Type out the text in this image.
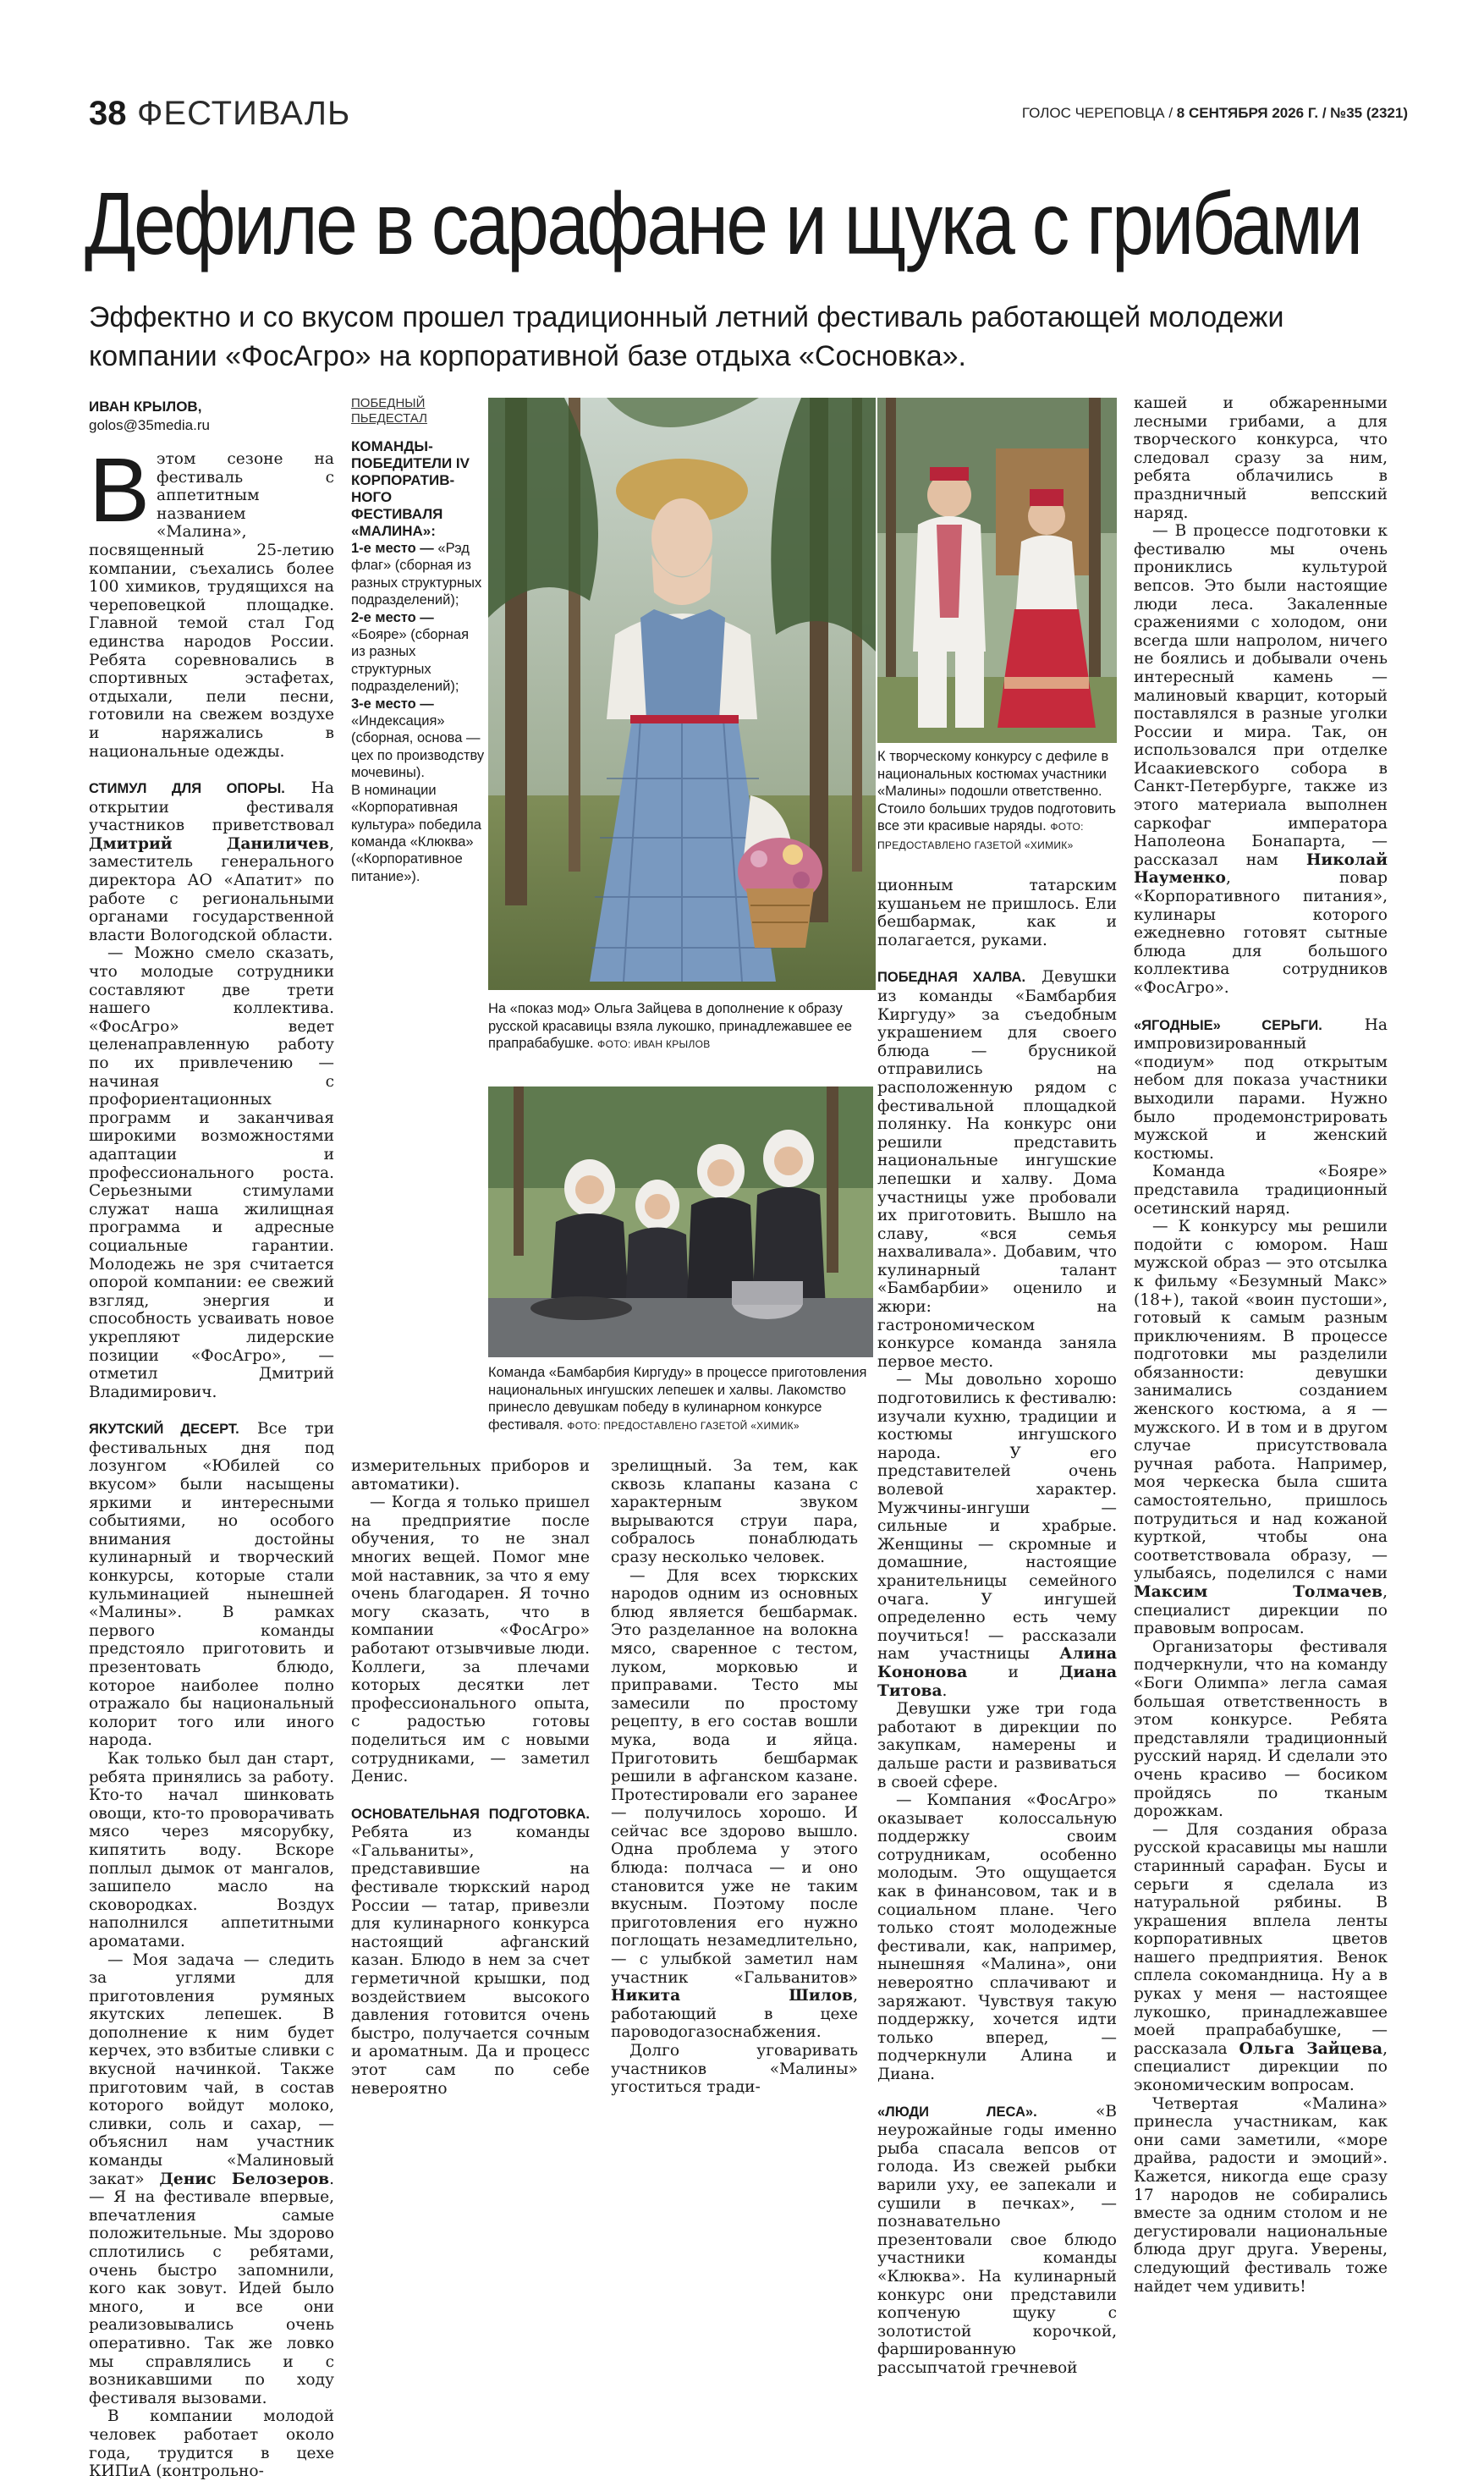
38 ФЕСТИВАЛЬ	ГОЛОС ЧЕРЕПОВЦА / 8 СЕНТЯБРЯ 2026 Г. / №35 (2321)
Дефиле в сарафане и щука с грибами
Эффектно и со вкусом прошел традиционный летний фестиваль работающей молодежи компании «ФосАгро» на корпоративной базе отдыха «Сосновка».
ИВАН КРЫЛОВ,
golos@35media.ru
В этом сезоне на фестиваль с аппетитным названием «Малина», посвященный 25-летию компании, съехались более 100 химиков, трудящихся на череповецкой площадке. Главной темой стал Год единства народов России. Ребята соревновались в спортивных эстафетах, отдыхали, пели песни, готовили на свежем воздухе и наряжались в национальные одежды.

СТИМУЛ ДЛЯ ОПОРЫ. На открытии фестиваля участников приветствовал Дмитрий Даниличев, заместитель генерального директора АО «Апатит» по работе с региональными органами государственной власти Вологодской области.

— Можно смело сказать, что молодые сотрудники составляют две трети нашего коллектива. «ФосАгро» ведет целенаправленную работу по их привлечению — начиная с профориентационных программ и заканчивая широкими возможностями адаптации и профессионального роста. Серьезными стимулами служат наша жилищная программа и адресные социальные гарантии. Молодежь не зря считается опорой компании: ее свежий взгляд, энергия и способность усваивать новое укрепляют лидерские позиции «ФосАгро», — отметил Дмитрий Владимирович.

ЯКУТСКИЙ ДЕСЕРТ. Все три фестивальных дня под лозунгом «Юбилей со вкусом» были насыщены яркими и интересными событиями, но особого внимания достойны кулинарный и творческий конкурсы, которые стали кульминацией нынешней «Малины». В рамках первого команды предстояло приготовить и презентовать блюдо, которое наиболее полно отражало бы национальный колорит того или иного народа.

Как только был дан старт, ребята принялись за работу. Кто-то начал шинковать овощи, кто-то проворачивать мясо через мясорубку, кипятить воду. Вскоре поплыл дымок от мангалов, зашипело масло на сковородках. Воздух наполнился аппетитными ароматами.

— Моя задача — следить за углями для приготовления румяных якутских лепешек. В дополнение к ним будет керчех, это взбитые сливки с вкусной начинкой. Также приготовим чай, в состав которого войдут молоко, сливки, соль и сахар, — объяснил нам участник команды «Малиновый закат» Денис Белозеров. — Я на фестивале впервые, впечатления самые положительные. Мы здорово сплотились с ребятами, очень быстро запомнили, кого как зовут. Идей было много, и все они реализовывались очень оперативно. Так же ловко мы справлялись и с возникавшими по ходу фестиваля вызовами.

В компании молодой человек работает около года, трудится в цехе КИПиА (контрольно-

ПОБЕДНЫЙ
ПЬЕДЕСТАЛ
КОМАНДЫ-ПОБЕДИТЕЛИ IV КОРПОРАТИВ-НОГО ФЕСТИВАЛЯ «МАЛИНА»:
1-е место — «Рэд флаг» (сборная из разных структурных подразделений);
2-е место — «Бояре» (сборная из разных структурных подразделений);
3-е место — «Индексация» (сборная, основа — цех по производству мочевины).
В номинации «Корпоративная культура» победила команда «Клюква» («Корпоративное питание»).
На «показ мод» Ольга Зайцева в дополнение к образу русской красавицы взяла лукошко, принадлежавшее ее прапрабабушке. ФОТО: ИВАН КРЫЛОВ
К творческому конкурсу с дефиле в национальных костюмах участники «Малины» подошли ответственно. Стоило больших трудов подготовить все эти красивые наряды. ФОТО: ПРЕДОСТАВЛЕНО ГАЗЕТОЙ «ХИМИК»
Команда «Бамбарбия Киргуду» в процессе приготовления национальных ингушских лепешек и халвы. Лакомство принесло девушкам победу в кулинарном конкурсе фестиваля. ФОТО: ПРЕДОСТАВЛЕНО ГАЗЕТОЙ «ХИМИК»

измерительных приборов и автоматики).

— Когда я только пришел на предприятие после обучения, то не знал многих вещей. Помог мне мой наставник, за что я ему очень благодарен. Я точно могу сказать, что в компании «ФосАгро» работают отзывчивые люди. Коллеги, за плечами которых десятки лет профессионального опыта, с радостью готовы поделиться им с новыми сотрудниками, — заметил Денис.

ОСНОВАТЕЛЬНАЯ ПОДГОТОВКА. Ребята из команды «Гальваниты», представившие на фестивале тюркский народ России — татар, привезли для кулинарного конкурса настоящий афганский казан. Блюдо в нем за счет герметичной крышки, под воздействием высокого давления готовится очень быстро, получается сочным и ароматным. Да и процесс этот сам по себе невероятно

зрелищный. За тем, как сквозь клапаны казана с характерным звуком вырываются струи пара, собралось понаблюдать сразу несколько человек.

— Для всех тюркских народов одним из основных блюд является бешбармак. Это разделанное на волокна мясо, сваренное с тестом, луком, морковью и приправами. Тесто мы замесили по простому рецепту, в его состав вошли мука, вода и яйца. Приготовить бешбармак решили в афганском казане. Протестировали его заранее — получилось хорошо. И сейчас все здорово вышло. Одна проблема у этого блюда: полчаса — и оно становится уже не таким вкусным. Поэтому после приготовления его нужно поглощать незамедлительно, — с улыбкой заметил нам участник «Гальванитов» Никита Шилов, работающий в цехе пароводогазоснабжения.

Долго уговаривать участников «Малины» угоститься тради-

ционным татарским кушаньем не пришлось. Ели бешбармак, как и полагается, руками.

ПОБЕДНАЯ ХАЛВА. Девушки из команды «Бамбарбия Киргуду» за съедобным украшением для своего блюда — брусникой отправились на расположенную рядом с фестивальной площадкой полянку. На конкурс они решили представить национальные ингушские лепешки и халву. Дома участницы уже пробовали их приготовить. Вышло на славу, «вся семья нахваливала». Добавим, что кулинарный талант «Бамбарбии» оценило и жюри: на гастрономическом конкурсе команда заняла первое место.

— Мы довольно хорошо подготовились к фестивалю: изучали кухню, традиции и костюмы ингушского народа. У его представителей очень волевой характер. Мужчины-ингуши — сильные и храбрые. Женщины — скромные и домашние, настоящие хранительницы семейного очага. У ингушей определенно есть чему поучиться! — рассказали нам участницы Алина Кононова и Диана Титова.

Девушки уже три года работают в дирекции по закупкам, намерены и дальше расти и развиваться в своей сфере.

— Компания «ФосАгро» оказывает колоссальную поддержку своим сотрудникам, особенно молодым. Это ощущается как в финансовом, так и в социальном плане. Чего только стоят молодежные фестивали, как, например, нынешняя «Малина», они невероятно сплачивают и заряжают. Чувствуя такую поддержку, хочется идти только вперед, — подчеркнули Алина и Диана.

«ЛЮДИ ЛЕСА». «В неурожайные годы именно рыба спасала вепсов от голода. Из свежей рыбки варили уху, ее запекали и сушили в печках», — познавательно презентовали свое блюдо участники команды «Клюква». На кулинарный конкурс они представили копченую щуку с золотистой корочкой, фаршированную рассыпчатой гречневой

кашей и обжаренными лесными грибами, а для творческого конкурса, что следовал сразу за ним, ребята облачились в праздничный вепсский наряд.

— В процессе подготовки к фестивалю мы очень прониклись культурой вепсов. Это были настоящие люди леса. Закаленные сражениями с холодом, они всегда шли напролом, ничего не боялись и добывали очень интересный камень — малиновый кварцит, который поставлялся в разные уголки России и мира. Так, он использовался при отделке Исаакиевского собора в Санкт-Петербурге, также из этого материала выполнен саркофаг императора Наполеона Бонапарта, — рассказал нам Николай Науменко, повар «Корпоративного питания», кулинары которого ежедневно готовят сытные блюда для большого коллектива сотрудников «ФосАгро».

«ЯГОДНЫЕ» СЕРЬГИ. На импровизированный «подиум» под открытым небом для показа участники выходили парами. Нужно было продемонстрировать мужской и женский костюмы.

Команда «Бояре» представила традиционный осетинский наряд.

— К конкурсу мы решили подойти с юмором. Наш мужской образ — это отсылка к фильму «Безумный Макс» (18+), такой «воин пустоши», готовый к самым разным приключениям. В процессе подготовки мы разделили обязанности: девушки занимались созданием женского костюма, а я — мужского. И в том и в другом случае присутствовала ручная работа. Например, моя черкеска была сшита самостоятельно, пришлось потрудиться и над кожаной курткой, чтобы она соответствовала образу, — улыбаясь, поделился с нами Максим Толмачев, специалист дирекции по правовым вопросам.

Организаторы фестиваля подчеркнули, что на команду «Боги Олимпа» легла самая большая ответственность в этом конкурсе. Ребята представляли традиционный русский наряд. И сделали это очень красиво — босиком пройдясь по тканым дорожкам.

— Для создания образа русской красавицы мы нашли старинный сарафан. Бусы и серьги я сделала из натуральной рябины. В украшения вплела ленты корпоративных цветов нашего предприятия. Венок сплела сокомандница. Ну а в руках у меня — настоящее лукошко, принадлежавшее моей прапрабабушке, — рассказала Ольга Зайцева, специалист дирекции по экономическим вопросам.

Четвертая «Малина» принесла участникам, как они сами заметили, «море драйва, радости и эмоций». Кажется, никогда еще сразу 17 народов не собирались вместе за одним столом и не дегустировали национальные блюда друг друга. Уверены, следующий фестиваль тоже найдет чем удивить!
